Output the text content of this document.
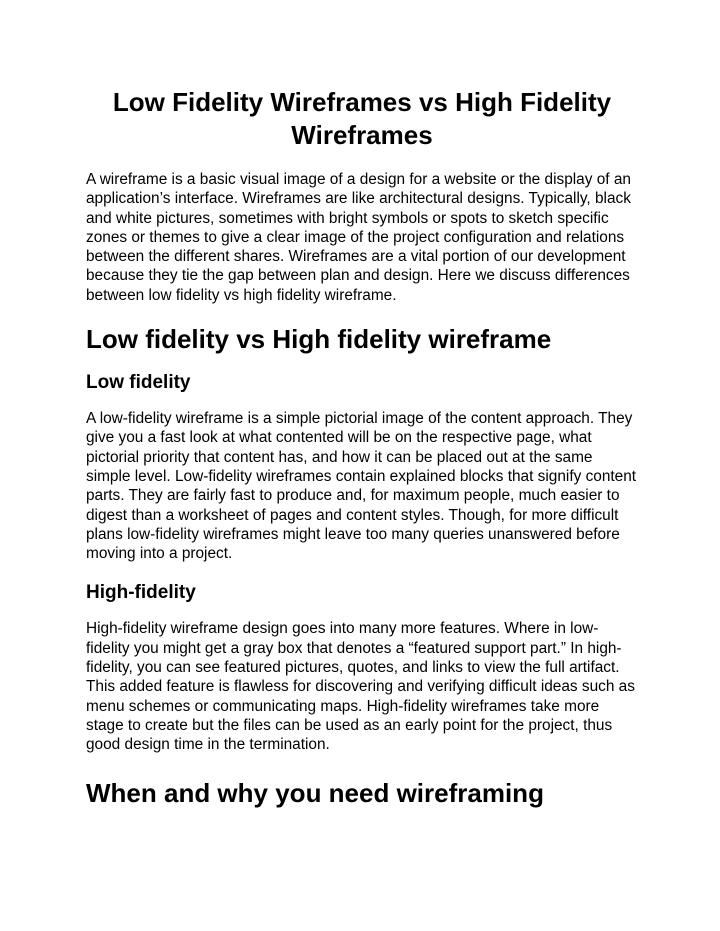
Low Fidelity Wireframes vs High Fidelity Wireframes

A wireframe is a basic visual image of a design for a website or the display of an application’s interface. Wireframes are like architectural designs. Typically, black and white pictures, sometimes with bright symbols or spots to sketch specific zones or themes to give a clear image of the project configuration and relations between the different shares. Wireframes are a vital portion of our development because they tie the gap between plan and design. Here we discuss differences between low fidelity vs high fidelity wireframe.

Low fidelity vs High fidelity wireframe
Low fidelity

A low-fidelity wireframe is a simple pictorial image of the content approach. They give you a fast look at what contented will be on the respective page, what pictorial priority that content has, and how it can be placed out at the same simple level. Low-fidelity wireframes contain explained blocks that signify content parts. They are fairly fast to produce and, for maximum people, much easier to digest than a worksheet of pages and content styles. Though, for more difficult plans low-fidelity wireframes might leave too many queries unanswered before moving into a project.

High-fidelity

High-fidelity wireframe design goes into many more features. Where in low-fidelity you might get a gray box that denotes a “featured support part.” In high-fidelity, you can see featured pictures, quotes, and links to view the full artifact. This added feature is flawless for discovering and verifying difficult ideas such as menu schemes or communicating maps. High-fidelity wireframes take more stage to create but the files can be used as an early point for the project, thus good design time in the termination.

When and why you need wireframing
